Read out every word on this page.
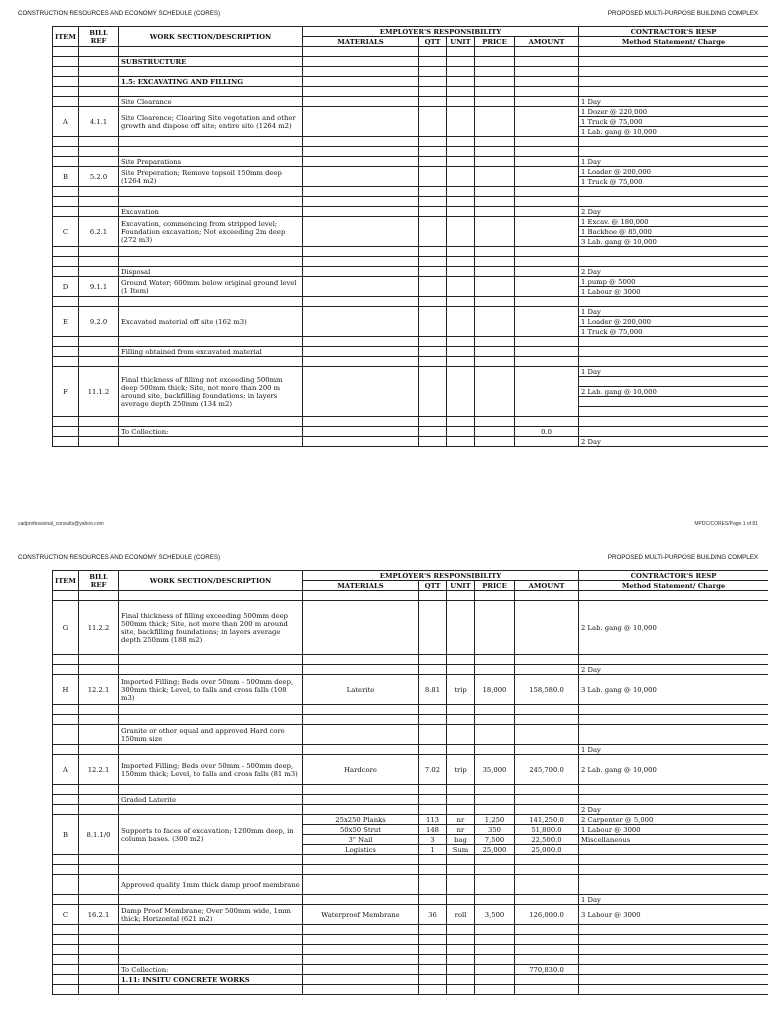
CONSTRUCTION RESOURCES AND ECONOMY SCHEDULE (CORES)	PROPOSED MULTI-PURPOSE BUILDING COMPLEX
ITEM	BILL REF	WORK SECTION/DESCRIPTION	EMPLOYER'S RESPONSIBILITY					CONTRACTOR'S RESP
			MATERIALS	QTT	UNIT	PRICE	AMOUNT	Method Statement/ Charge

		SUBSTRUCTURE						

		1.5: EXCAVATING AND FILLING						

		Site Clearance						1 Day
A	4.1.1	Site Clearence; Clearing Site vegetation and other growth and dispose off site; entire site (1264 m2)						1 Dozer @ 220,000
								1 Truck @ 75,000
								1 Lab. gang @ 10,000

		Site Preparations						1 Day
B	5.2.0	Site Preperation; Remove topsoil 150mm deep (1264 m2)						1 Loader @ 200,000
								1 Truck @ 75,000

		Excavation						2 Day
C	6.2.1	Excavation, commencing from stripped level; Foundation excavation; Not exceeding 2m deep (272 m3)						1 Excav. @ 180,000
								1 Backhoe @ 85,000
								3 Lab. gang @ 10,000

		Disposal						2 Day
D	9.1.1	Ground Water; 600mm below original ground level (1 Item)						1 pump @ 5000
								1 Labour @ 3000

E	9.2.0	Excavated material off site (162 m3)						1 Day
								1 Loader @ 200,000
								1 Truck @ 75,000

		Filling obtained from excavated material						

F	11.1.2	Final thickness of filling not exceeding 500mm deep 500mm thick; Site, not more than 200 m around site, backfilling foundations; in layers average depth 250mm (134 m2)						1 Day

								2 Lab. gang @ 10,000

		To Collection:					0.0	
								2 Day
cadprofessional_consults@yahoo.com	MPDC/CORES/Page 1 of 81
CONSTRUCTION RESOURCES AND ECONOMY SCHEDULE (CORES)	PROPOSED MULTI-PURPOSE BUILDING COMPLEX
ITEM	BILL REF	WORK SECTION/DESCRIPTION	EMPLOYER'S RESPONSIBILITY					CONTRACTOR'S RESP
			MATERIALS	QTT	UNIT	PRICE	AMOUNT	Method Statement/ Charge

G	11.2.2	Final thickness of filling exceeding 500mm deep 500mm thick; Site, not more than 200 m around site, backfilling foundations; in layers average depth 250mm (188 m2)						2 Lab. gang @ 10,000

								2 Day
H	12.2.1	Imported Filling; Beds over 50mm - 500mm deep, 300mm thick; Level, to falls and cross falls (108 m3)	Laterite	8.81	trip	18,000	158,580.0	3 Lab. gang @ 10,000

		Granite or other equal and approved Hard core 150mm size						
								1 Day
A	12.2.1	Imported Filling; Beds over 50mm - 500mm deep, 150mm thick; Level, to falls and cross falls (81 m3)	Hardcore	7.02	trip	35,000	245,700.0	2 Lab. gang @ 10,000

		Graded Laterite						
								2 Day
B	8.1.1/0	Supports to faces of excavation; 1200mm deep, in column bases. (300 m2)	25x250 Planks	113	nr	1,250	141,250.0	2 Carpenter @ 5,000
			50x50 Strut	148	nr	350	51,800.0	1 Labour @ 3000
			3" Nail	3	bag	7,500	22,500.0	Miscellaneous
			Logistics	1	Sum	25,000	25,000.0	

		Approved quality 1mm thick damp proof membrane						
								1 Day
C	16.2.1	Damp Proof Membrane; Over 500mm wide, 1mm thick; Horizontal (621 m2)	Waterproof Membrane	36	roll	3,500	126,000.0	3 Labour @ 3000

		To Collection:					770,830.0	
		1.11: INSITU CONCRETE WORKS						
